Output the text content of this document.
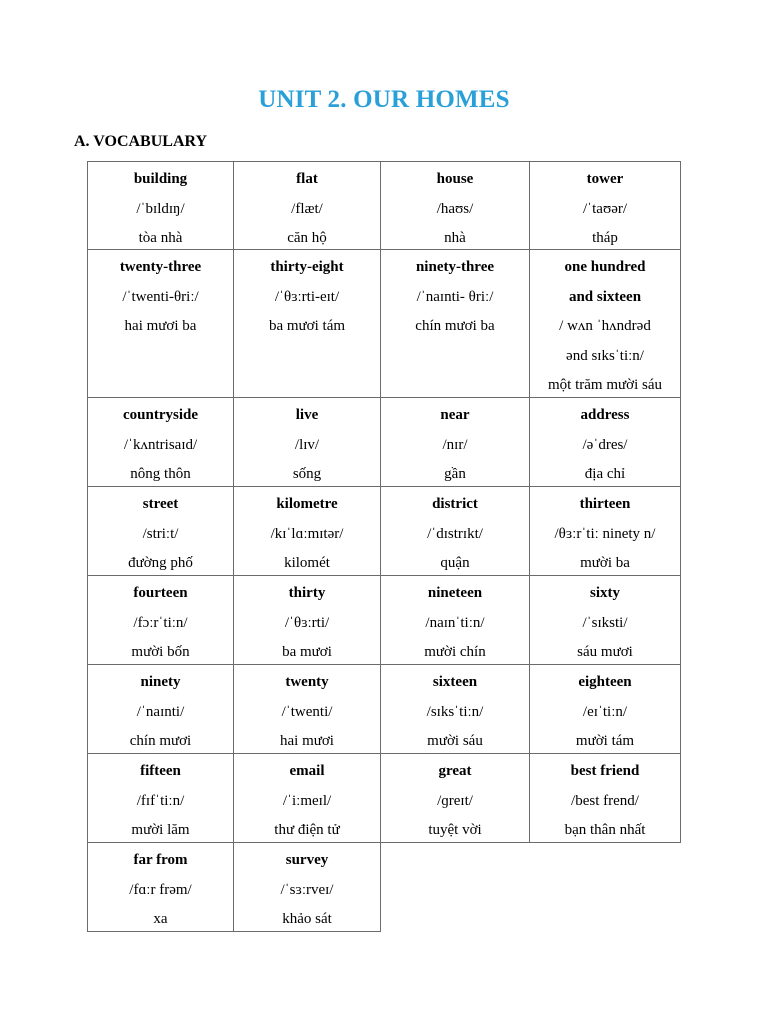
UNIT 2. OUR HOMES
A. VOCABULARY
building
/ˈbɪldɪŋ/
tòa nhà
flat
/flæt/
căn hộ
house
/haʊs/
nhà
tower
/ˈtaʊər/
tháp
twenty-three
/ˈtwenti-θriː/
hai mươi ba
thirty-eight
/ˈθɜːrti-eɪt/
ba mươi tám
ninety-three
/ˈnaɪnti- θriː/
chín mươi ba
one hundred
and sixteen
/ wʌn ˈhʌndrəd
ənd sɪksˈtiːn/
một trăm mười sáu
countryside
/ˈkʌntrisaɪd/
nông thôn
live
/lɪv/
sống
near
/nɪr/
gần
address
/əˈdres/
địa chỉ
street
/striːt/
đường phố
kilometre
/kɪˈlɑːmɪtər/
kilomét
district
/ˈdɪstrɪkt/
quận
thirteen
/θɜːrˈtiː ninety n/
mười ba
fourteen
/fɔːrˈtiːn/
mười bốn
thirty
/ˈθɜːrti/
ba mươi
nineteen
/naɪnˈtiːn/
mười chín
sixty
/ˈsɪksti/
sáu mươi
ninety
/ˈnaɪnti/
chín mươi
twenty
/ˈtwenti/
hai mươi
sixteen
/sɪksˈtiːn/
mười sáu
eighteen
/eɪˈtiːn/
mười tám
fifteen
/fɪfˈtiːn/
mười lăm
email
/ˈiːmeɪl/
thư điện tử
great
/ɡreɪt/
tuyệt vời
best friend
/best frend/
bạn thân nhất
far from
/fɑːr frəm/
xa
survey
/ˈsɜːrveɪ/
khảo sát
